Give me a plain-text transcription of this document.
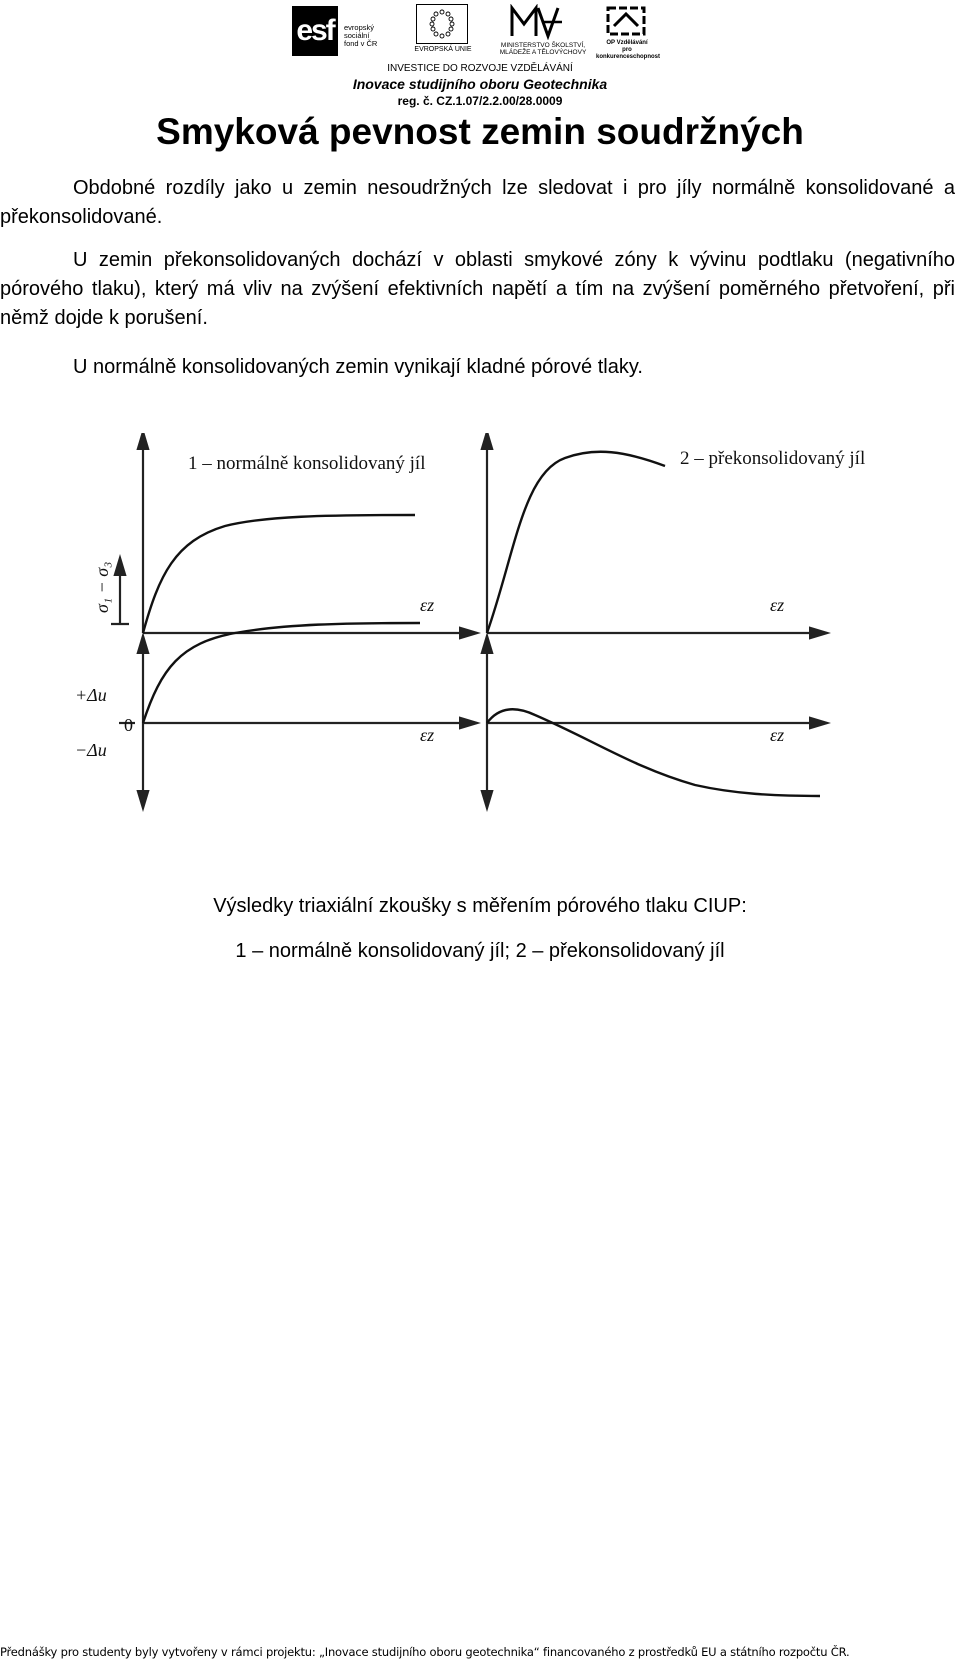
esf	evropský
sociální
fond v ČR
EVROPSKÁ UNIE
MINISTERSTVO ŠKOLSTVÍ,
MLÁDEŽE A TĚLOVÝCHOVY
OP Vzdělávání
pro konkurenceschopnost
INVESTICE DO ROZVOJE VZDĚLÁVÁNÍ
Inovace studijního oboru Geotechnika
reg. č. CZ.1.07/2.2.00/28.0009
Smyková pevnost zemin soudržných
Obdobné rozdíly jako u zemin nesoudržných lze sledovat i pro jíly normálně konsolidované a překonsolidované.
U zemin překonsolidovaných dochází v oblasti smykové zóny k vývinu podtlaku (negativního pórového tlaku), který má vliv na zvýšení efektivních napětí a tím na zvýšení poměrného přetvoření, při němž dojde k porušení.
U normálně konsolidovaných zemin vynikají kladné pórové tlaky.
1 – normálně konsolidovaný jíl	2 – překonsolidovaný jíl
σ₁ − σ₃
+Δu
−Δu
0
εz	εz
εz	εz
Výsledky triaxiální zkoušky s měřením pórového tlaku CIUP:
1 – normálně konsolidovaný jíl; 2 – překonsolidovaný jíl
Přednášky pro studenty byly vytvořeny v rámci projektu: „Inovace studijního oboru geotechnika“ financovaného z prostředků EU a státního rozpočtu ČR.
